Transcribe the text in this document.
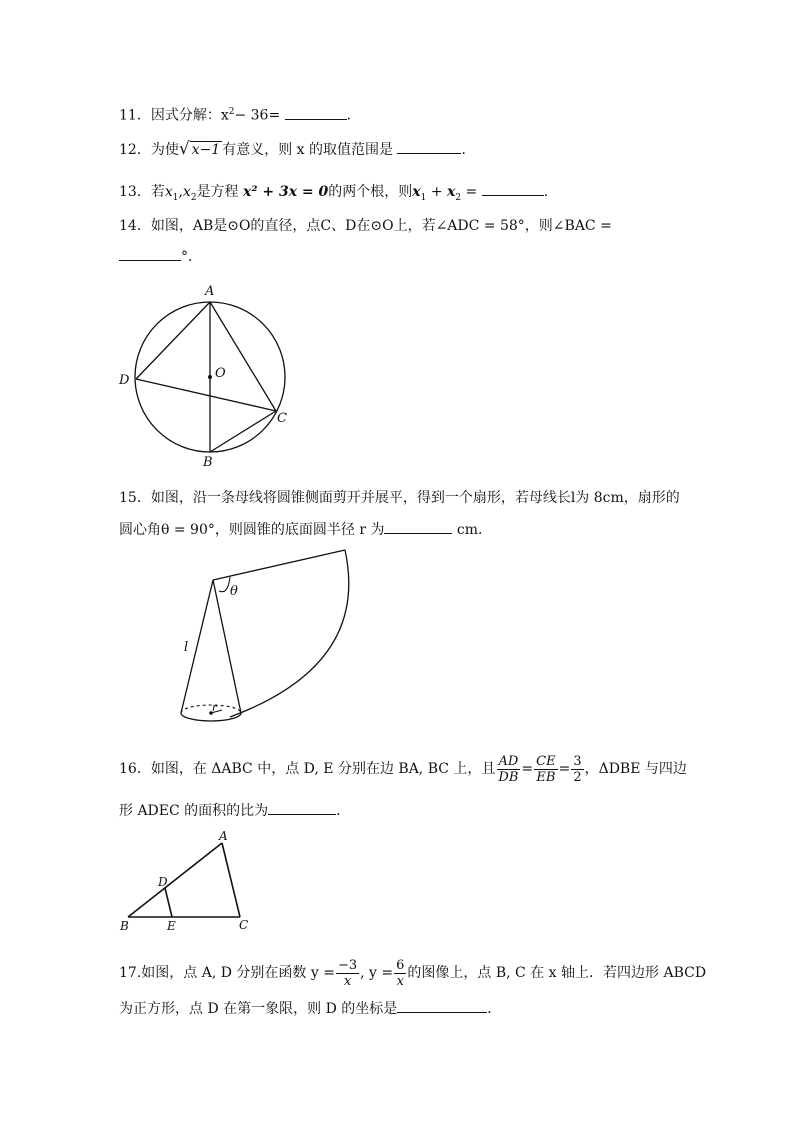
11．因式分解：$x^2- 36=$	．
12．为使√ x−1 有意义，则 x 的取值范围是	．
13．若$x_1,x_2$是方程 x² + 3x = 0的两个根，则$x_1 + x_2$ =	．
14．如图，AB是⊙O的直径，点C、D在⊙O上，若∠ADC = 58°，则∠BAC =
°．
A
B
C
D	O
15．如图，沿一条母线将圆锥侧面剪开并展平，得到一个扇形，若母线长l为 8cm，扇形的
圆心角θ = 90°，则圆锥的底面圆半径 r 为	cm．
θ
l
r
16． 如图，在 ΔABC 中，点 D, E 分别在边 BA, BC 上，且 $\frac{AD}{DB} = \frac{CE}{EB} = \frac{3}{2}$ ，ΔDBE 与四边
形 ADEC 的面积的比为	．
A
B	C
D
E
17. 如图，点 A, D 分别在函数 $y = \frac{-3}{x}$ , $y = \frac{6}{x}$ 的图像上，点 B, C 在 x 轴上．若四边形 ABCD
为正方形，点 D 在第一象限，则 D 的坐标是	．
